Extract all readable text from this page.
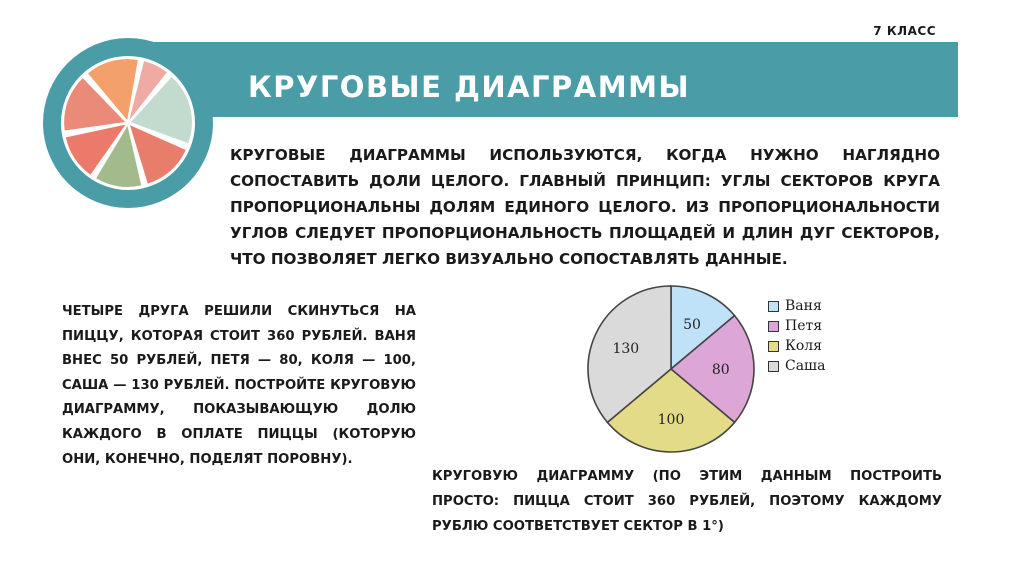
7 КЛАСС
КРУГОВЫЕ ДИАГРАММЫ
КРУГОВЫЕ ДИАГРАММЫ ИСПОЛЬЗУЮТСЯ, КОГДА НУЖНО НАГЛЯДНО СОПОСТАВИТЬ ДОЛИ ЦЕЛОГО. ГЛАВНЫЙ ПРИНЦИП: УГЛЫ СЕКТОРОВ КРУГА ПРОПОРЦИОНАЛЬНЫ ДОЛЯМ ЕДИНОГО ЦЕЛОГО. ИЗ ПРОПОРЦИОНАЛЬНОСТИ УГЛОВ СЛЕДУЕТ ПРОПОРЦИОНАЛЬНОСТЬ ПЛОЩАДЕЙ И ДЛИН ДУГ СЕКТОРОВ, ЧТО ПОЗВОЛЯЕТ ЛЕГКО ВИЗУАЛЬНО СОПОСТАВЛЯТЬ ДАННЫЕ.
ЧЕТЫРЕ ДРУГА РЕШИЛИ СКИНУТЬСЯ НА ПИЦЦУ, КОТОРАЯ СТОИТ 360 РУБЛЕЙ. ВАНЯ ВНЕС 50 РУБЛЕЙ, ПЕТЯ — 80, КОЛЯ — 100, САША — 130 РУБЛЕЙ. ПОСТРОЙТЕ КРУГОВУЮ ДИАГРАММУ, ПОКАЗЫВАЮЩУЮ ДОЛЮ КАЖДОГО В ОПЛАТЕ ПИЦЦЫ (КОТОРУЮ ОНИ, КОНЕЧНО, ПОДЕЛЯТ ПОРОВНУ).
50
80
100
130
Ваня
Петя
Коля
Саша
КРУГОВУЮ ДИАГРАММУ (ПО ЭТИМ ДАННЫМ ПОСТРОИТЬ ПРОСТО: ПИЦЦА СТОИТ 360 РУБЛЕЙ, ПОЭТОМУ КАЖДОМУ РУБЛЮ СООТВЕТСТВУЕТ СЕКТОР В 1°)
